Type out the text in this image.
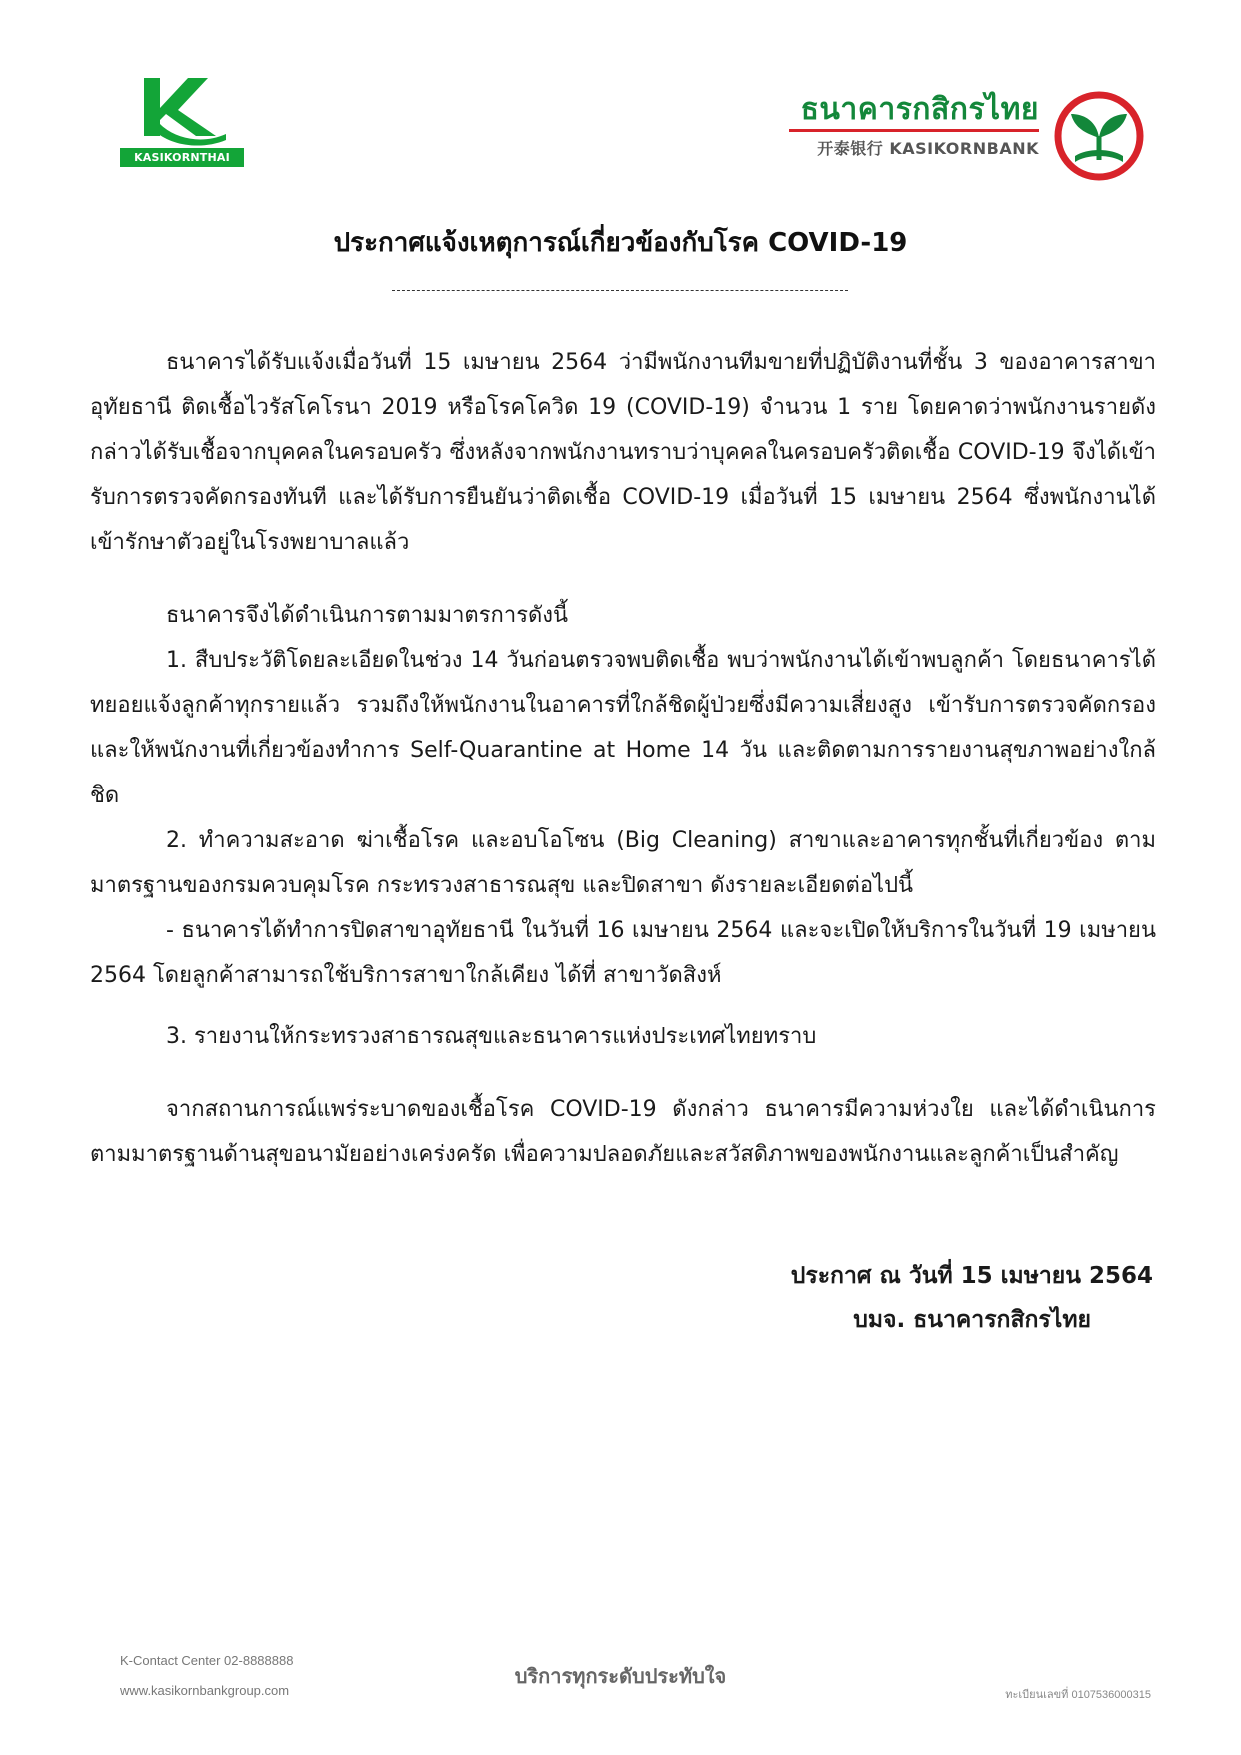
KASIKORNTHAI
ธนาคารกสิกรไทย
开泰银行 KASIKORNBANK
ประกาศแจ้งเหตุการณ์เกี่ยวข้องกับโรค COVID-19

ธนาคารได้รับแจ้งเมื่อวันที่ 15 เมษายน 2564 ว่ามีพนักงานทีมขายที่ปฏิบัติงานที่ชั้น 3 ของอาคารสาขาอุทัยธานี ติดเชื้อไวรัสโคโรนา 2019 หรือโรคโควิด 19 (COVID-19) จำนวน 1 ราย โดยคาดว่าพนักงานรายดังกล่าวได้รับเชื้อจากบุคคลในครอบครัว ซึ่งหลังจากพนักงานทราบว่าบุคคลในครอบครัวติดเชื้อ COVID-19 จึงได้เข้ารับการตรวจคัดกรองทันที และได้รับการยืนยันว่าติดเชื้อ COVID-19 เมื่อวันที่ 15 เมษายน 2564 ซึ่งพนักงานได้เข้ารักษาตัวอยู่ในโรงพยาบาลแล้ว

ธนาคารจึงได้ดำเนินการตามมาตรการดังนี้

1. สืบประวัติโดยละเอียดในช่วง 14 วันก่อนตรวจพบติดเชื้อ พบว่าพนักงานได้เข้าพบลูกค้า โดยธนาคารได้ทยอยแจ้งลูกค้าทุกรายแล้ว รวมถึงให้พนักงานในอาคารที่ใกล้ชิดผู้ป่วยซึ่งมีความเสี่ยงสูง เข้ารับการตรวจคัดกรองและให้พนักงานที่เกี่ยวข้องทำการ Self-Quarantine at Home 14 วัน และติดตามการรายงานสุขภาพอย่างใกล้ชิด

2. ทำความสะอาด ฆ่าเชื้อโรค และอบโอโซน (Big Cleaning) สาขาและอาคารทุกชั้นที่เกี่ยวข้อง ตามมาตรฐานของกรมควบคุมโรค กระทรวงสาธารณสุข และปิดสาขา ดังรายละเอียดต่อไปนี้

- ธนาคารได้ทำการปิดสาขาอุทัยธานี ในวันที่ 16 เมษายน 2564 และจะเปิดให้บริการในวันที่ 19 เมษายน 2564 โดยลูกค้าสามารถใช้บริการสาขาใกล้เคียง ได้ที่ สาขาวัดสิงห์

3. รายงานให้กระทรวงสาธารณสุขและธนาคารแห่งประเทศไทยทราบ

จากสถานการณ์แพร่ระบาดของเชื้อโรค COVID-19 ดังกล่าว ธนาคารมีความห่วงใย และได้ดำเนินการตามมาตรฐานด้านสุขอนามัยอย่างเคร่งครัด เพื่อความปลอดภัยและสวัสดิภาพของพนักงานและลูกค้าเป็นสำคัญ

ประกาศ ณ วันที่ 15 เมษายน 2564
บมจ. ธนาคารกสิกรไทย
K-Contact Center 02-8888888
www.kasikornbankgroup.com
บริการทุกระดับประทับใจ
ทะเบียนเลขที่ 0107536000315
